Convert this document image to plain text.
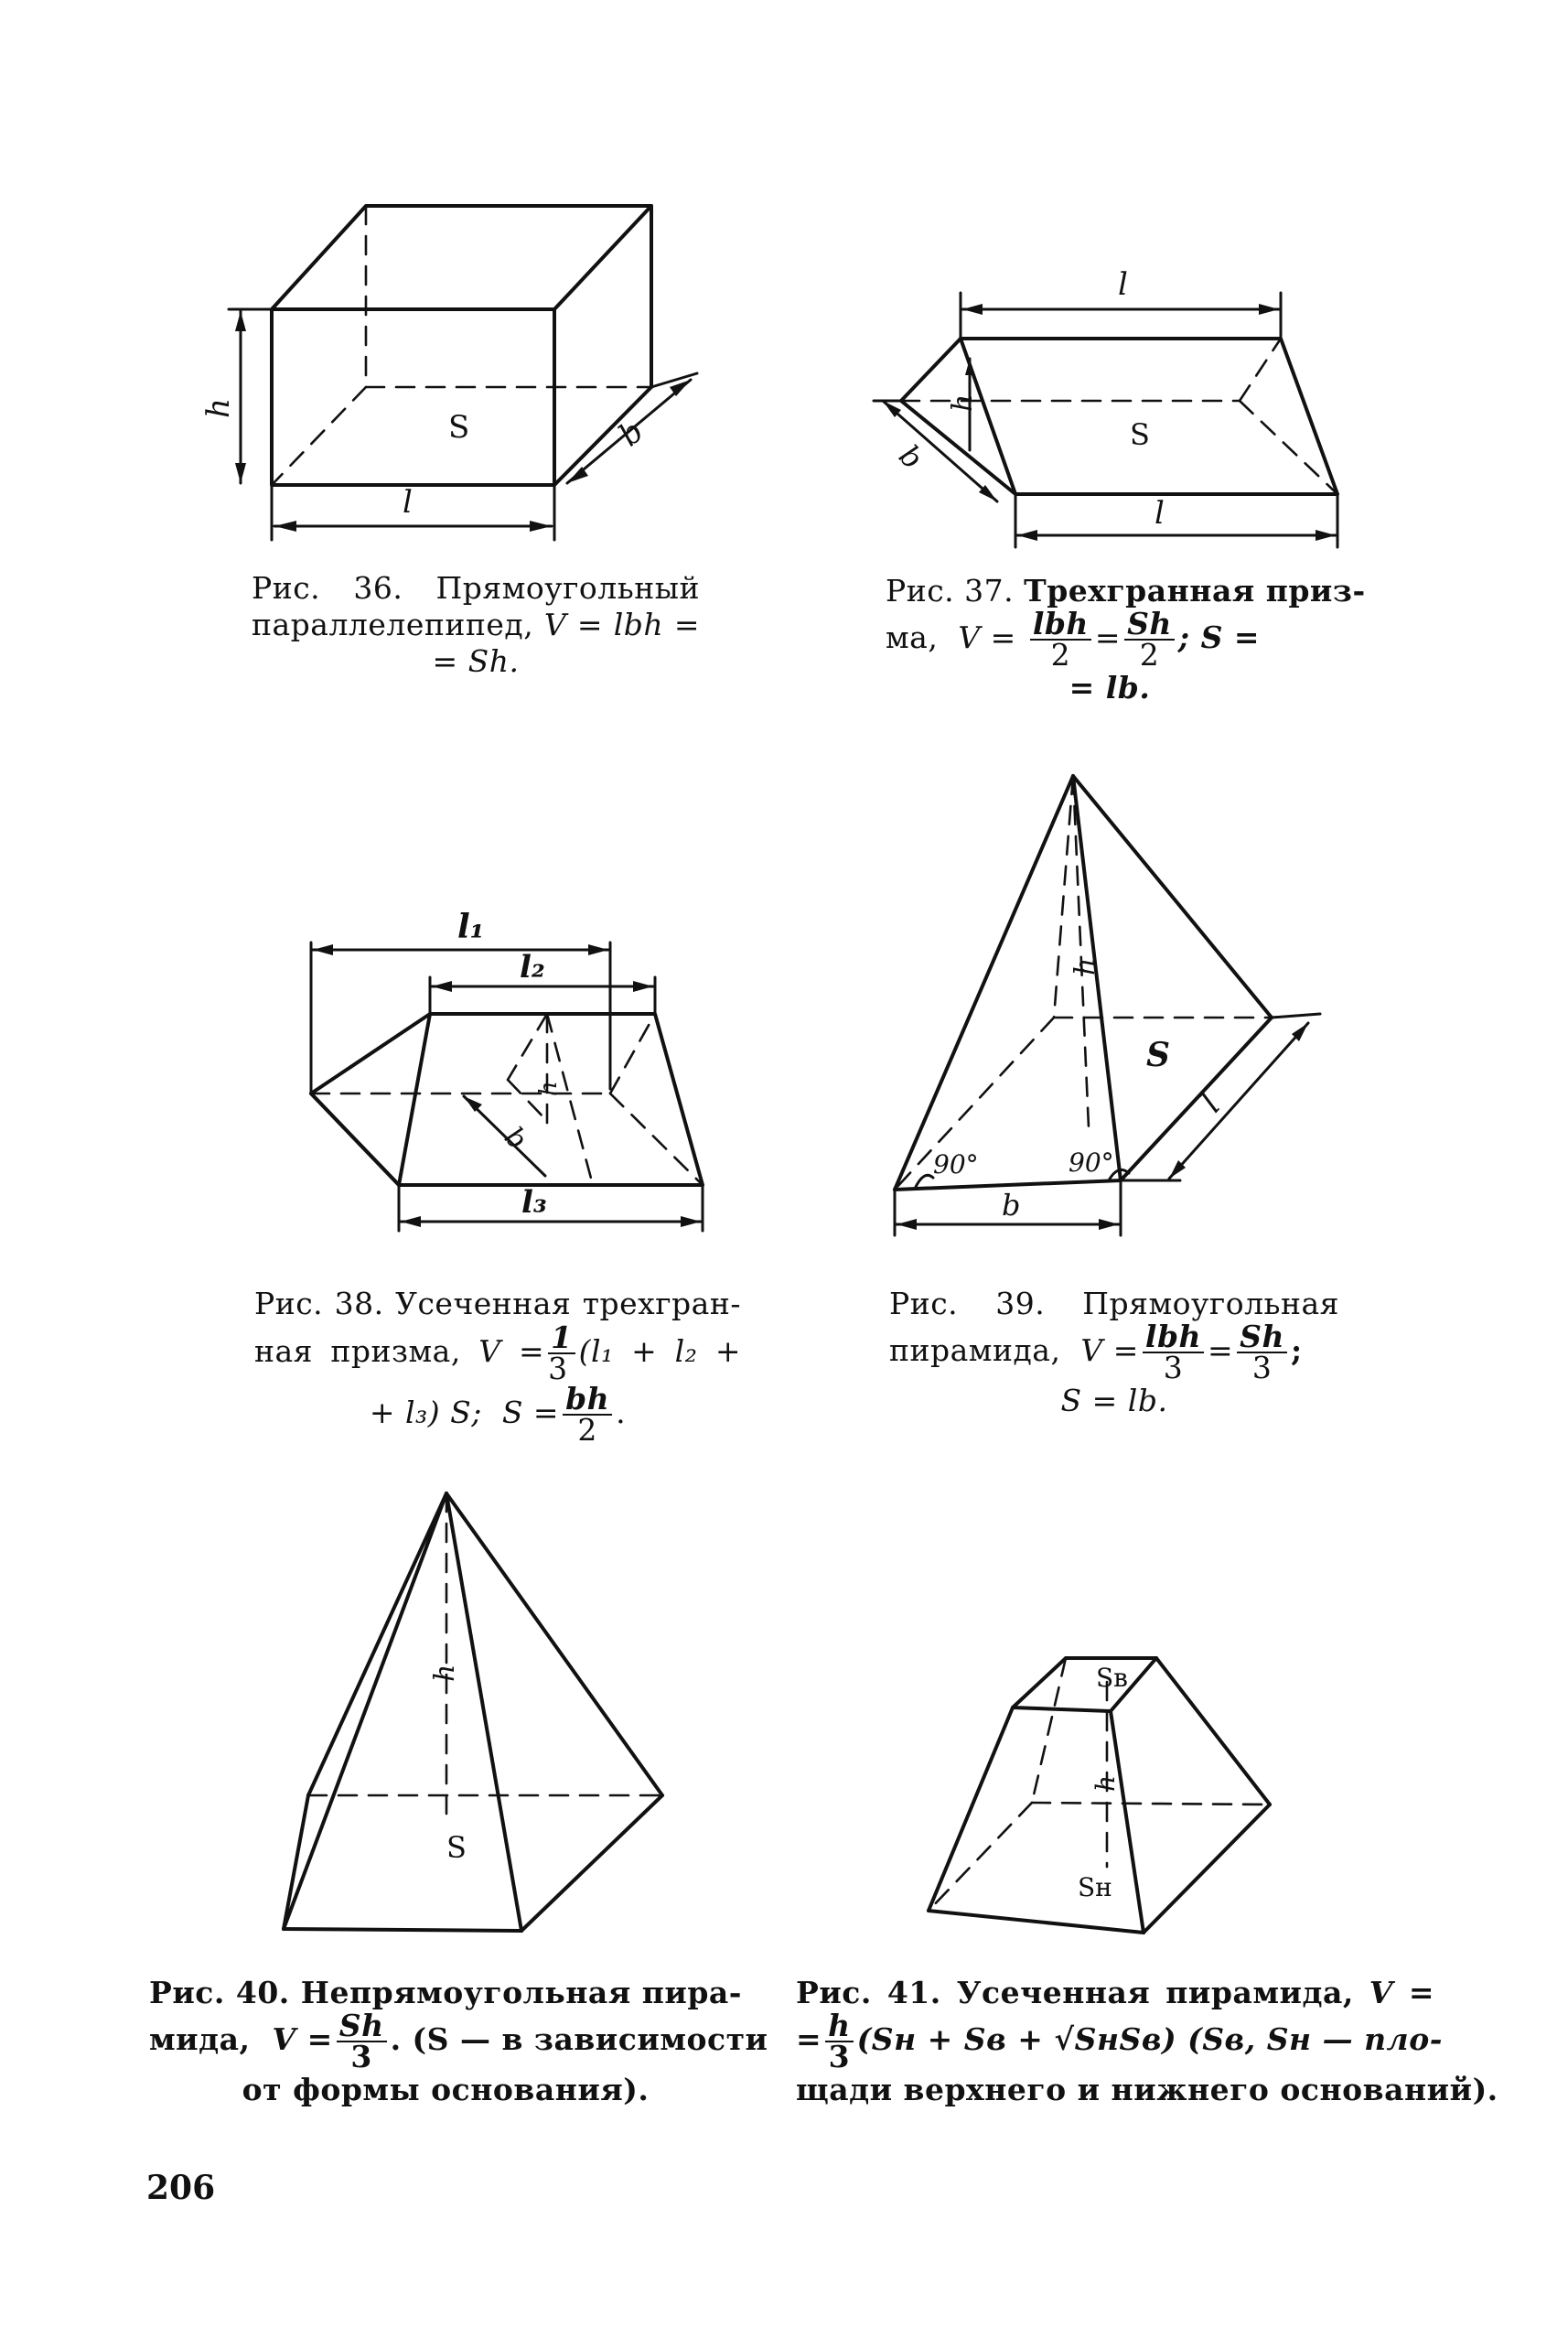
h
l
b
S
Рис. 36. Прямоугольный
параллелепипед, V = lbh =
= Sh.
h
l
l
b
S
Рис. 37. Трехгранная приз-
ма, $V = \frac{\text{lbh}}{2} = \frac{Sh}{2}$ ; S =
= lb.
l₁
l₂
l₃
h
b
Рис. 38. Усеченная трехгран-
ная призма, $V = \frac{1}{3} (l_1 + l_2$ +
+ l₃) S; $S = \frac{bh}{2}$ .
h
S
l
b
90°	90°
Рис. 39. Прямоугольная
пирамида, $V = \frac{\text{lbh}}{3} = \frac{Sh}{3}$ ;
S = lb.
h
S
Рис. 40. Непрямоугольная пира-
мида, $V = \frac{Sh}{3}$ . (S — в зависимости
от формы основания).
Sв
h
Sн
Рис. 41. Усеченная пирамида, V =
= $\frac{h}{3} (Sн$ + Sв + √SнSв) (Sв, Sн — пло-
щади верхнего и нижнего оснований).
206
